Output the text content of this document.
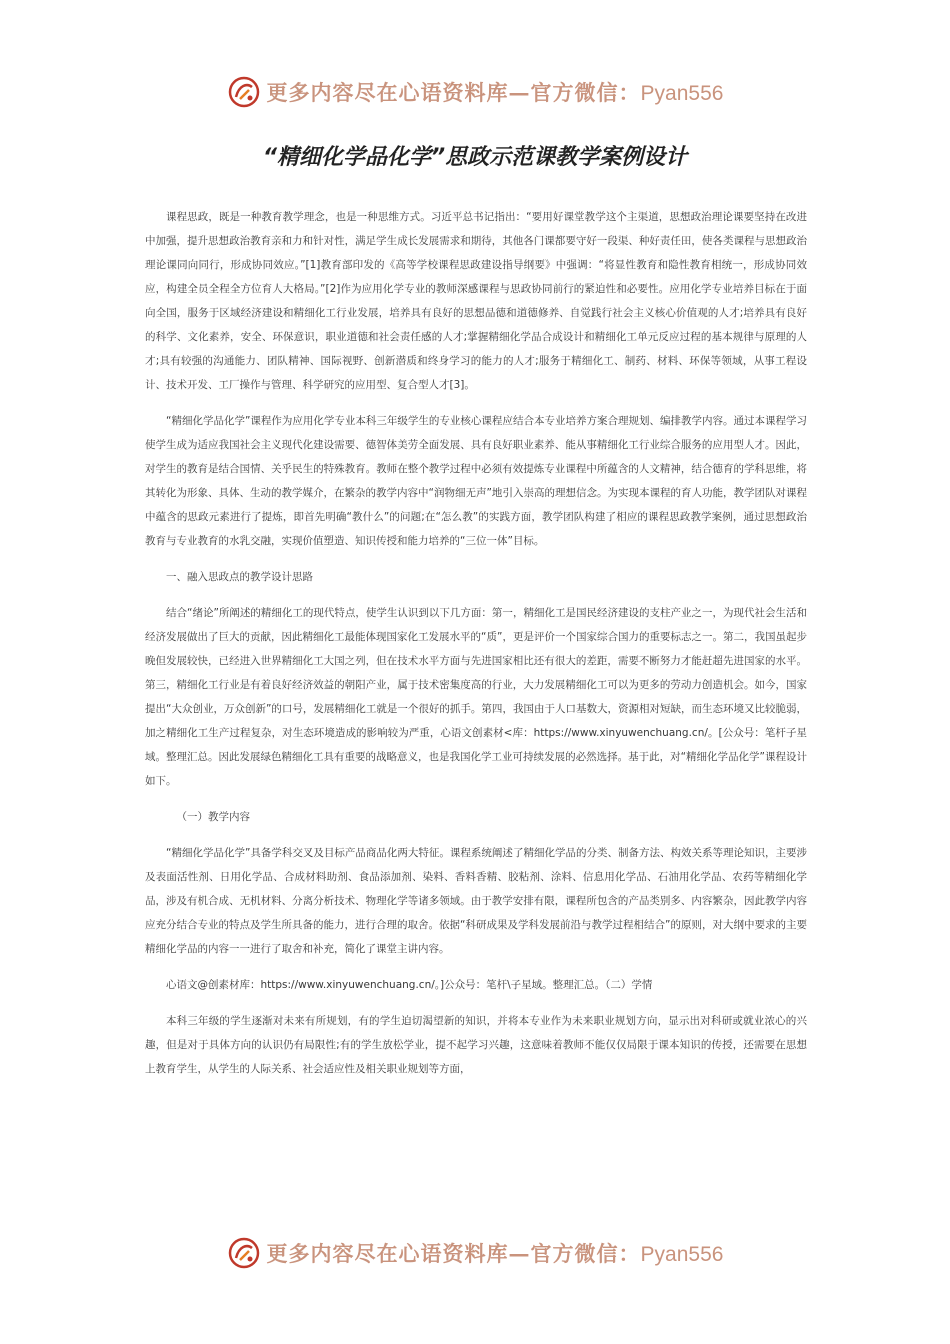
更多内容尽在心语资料库—官方微信：Pyan556
“精细化学品化学”思政示范课教学案例设计

课程思政，既是一种教育教学理念，也是一种思维方式。习近平总书记指出：“要用好课堂教学这个主渠道，思想政治理论课要坚持在改进中加强，提升思想政治教育亲和力和针对性，满足学生成长发展需求和期待，其他各门课都要守好一段渠、种好责任田，使各类课程与思想政治理论课同向同行，形成协同效应。”[1]教育部印发的《高等学校课程思政建设指导纲要》中强调：“将显性教育和隐性教育相统一，形成协同效应，构建全员全程全方位育人大格局。”[2]作为应用化学专业的教师深感课程与思政协同前行的紧迫性和必要性。应用化学专业培养目标在于面向全国，服务于区域经济建设和精细化工行业发展，培养具有良好的思想品德和道德修养、自觉践行社会主义核心价值观的人才;培养具有良好的科学、文化素养，安全、环保意识，职业道德和社会责任感的人才;掌握精细化学品合成设计和精细化工单元反应过程的基本规律与原理的人才;具有较强的沟通能力、团队精神、国际视野、创新潜质和终身学习的能力的人才;服务于精细化工、制药、材料、环保等领域，从事工程设计、技术开发、工厂操作与管理、科学研究的应用型、复合型人才[3]。

“精细化学品化学”课程作为应用化学专业本科三年级学生的专业核心课程应结合本专业培养方案合理规划、编排教学内容。通过本课程学习使学生成为适应我国社会主义现代化建设需要、德智体美劳全面发展、具有良好职业素养、能从事精细化工行业综合服务的应用型人才。因此，对学生的教育是结合国情、关乎民生的特殊教育。教师在整个教学过程中必须有效提炼专业课程中所蕴含的人文精神，结合德育的学科思维，将其转化为形象、具体、生动的教学媒介，在繁杂的教学内容中“润物细无声”地引入崇高的理想信念。为实现本课程的育人功能，教学团队对课程中蕴含的思政元素进行了提炼，即首先明确“教什么”的问题;在“怎么教”的实践方面，教学团队构建了相应的课程思政教学案例，通过思想政治教育与专业教育的水乳交融，实现价值塑造、知识传授和能力培养的“三位一体”目标。

一、融入思政点的教学设计思路

结合“绪论”所阐述的精细化工的现代特点，使学生认识到以下几方面：第一，精细化工是国民经济建设的支柱产业之一，为现代社会生活和经济发展做出了巨大的贡献，因此精细化工最能体现国家化工发展水平的“质”，更是评价一个国家综合国力的重要标志之一。第二，我国虽起步晚但发展较快，已经进入世界精细化工大国之列，但在技术水平方面与先进国家相比还有很大的差距，需要不断努力才能赶超先进国家的水平。第三，精细化工行业是有着良好经济效益的朝阳产业，属于技术密集度高的行业，大力发展精细化工可以为更多的劳动力创造机会。如今，国家提出“大众创业，万众创新”的口号，发展精细化工就是一个很好的抓手。第四，我国由于人口基数大，资源相对短缺，而生态环境又比较脆弱，加之精细化工生产过程复杂，对生态环境造成的影响较为严重，心语文创素材<库：https://www.xinyuwenchuang.cn/。[公众号：笔杆子星域。整理汇总。因此发展绿色精细化工具有重要的战略意义，也是我国化学工业可持续发展的必然选择。基于此，对“精细化学品化学”课程设计如下。

（一）教学内容

“精细化学品化学”具备学科交叉及目标产品商品化两大特征。课程系统阐述了精细化学品的分类、制备方法、构效关系等理论知识，主要涉及表面活性剂、日用化学品、合成材料助剂、食品添加剂、染料、香料香精、胶粘剂、涂料、信息用化学品、石油用化学品、农药等精细化学品，涉及有机合成、无机材料、分离分析技术、物理化学等诸多领域。由于教学安排有限，课程所包含的产品类别多、内容繁杂，因此教学内容应充分结合专业的特点及学生所具备的能力，进行合理的取舍。依据“科研成果及学科发展前沿与教学过程相结合”的原则，对大纲中要求的主要精细化学品的内容一一进行了取舍和补充，简化了课堂主讲内容。

心语文@创素材库：https://www.xinyuwenchuang.cn/。]公众号：笔杆\子星域。整理汇总。（二）学情

本科三年级的学生逐渐对未来有所规划，有的学生迫切渴望新的知识，并将本专业作为未来职业规划方向，显示出对科研或就业浓心的兴趣，但是对于具体方向的认识仍有局限性;有的学生放松学业，提不起学习兴趣，这意味着教师不能仅仅局限于课本知识的传授，还需要在思想上教育学生，从学生的人际关系、社会适应性及相关职业规划等方面，

更多内容尽在心语资料库—官方微信：Pyan556
